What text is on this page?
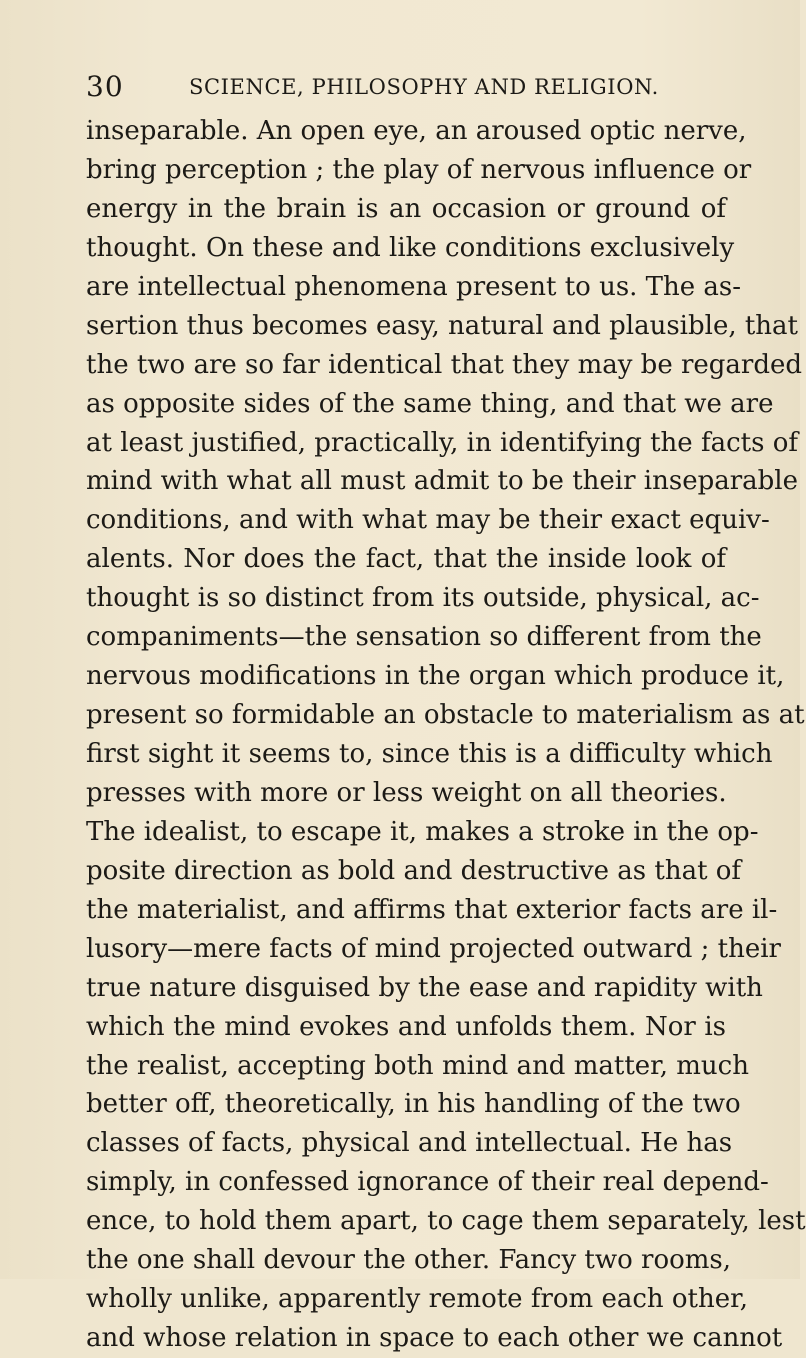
30	SCIENCE, PHILOSOPHY AND RELIGION.
inseparable. An open eye, an aroused optic nerve,
bring perception ; the play of nervous influence or
energy in the brain is an occasion or ground of
thought. On these and like conditions exclusively
are intellectual phenomena present to us. The as-
sertion thus becomes easy, natural and plausible, that
the two are so far identical that they may be regarded
as opposite sides of the same thing, and that we are
at least justified, practically, in identifying the facts of
mind with what all must admit to be their inseparable
conditions, and with what may be their exact equiv-
alents. Nor does the fact, that the inside look of
thought is so distinct from its outside, physical, ac-
companiments—the sensation so different from the
nervous modifications in the organ which produce it,
present so formidable an obstacle to materialism as at
first sight it seems to, since this is a difficulty which
presses with more or less weight on all theories.
The idealist, to escape it, makes a stroke in the op-
posite direction as bold and destructive as that of
the materialist, and affirms that exterior facts are il-
lusory—mere facts of mind projected outward ; their
true nature disguised by the ease and rapidity with
which the mind evokes and unfolds them. Nor is
the realist, accepting both mind and matter, much
better off, theoretically, in his handling of the two
classes of facts, physical and intellectual. He has
simply, in confessed ignorance of their real depend-
ence, to hold them apart, to cage them separately, lest
the one shall devour the other. Fancy two rooms,
wholly unlike, apparently remote from each other,
and whose relation in space to each other we cannot
